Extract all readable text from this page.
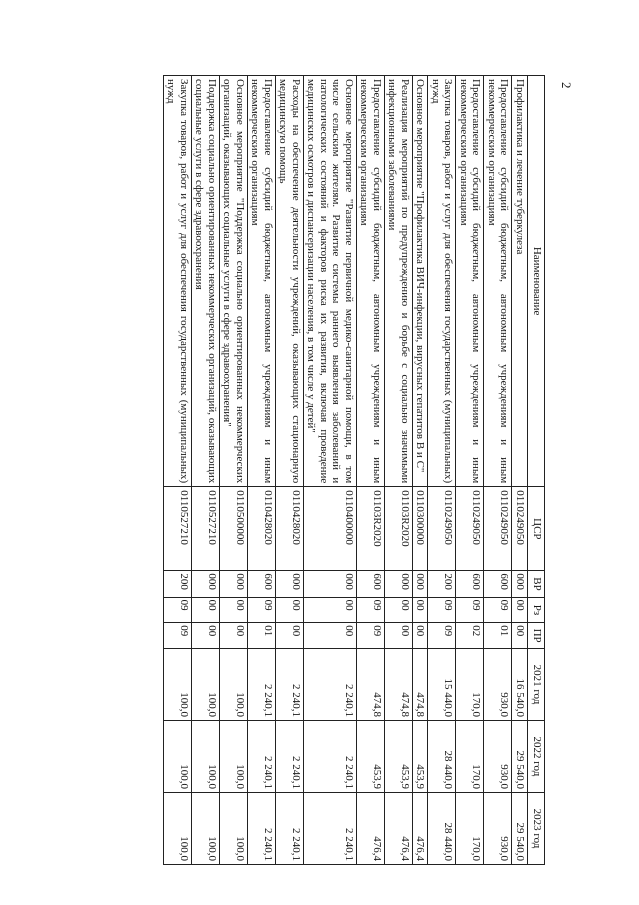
2
Наименование	ЦСР	ВР	Рз	ПР	2021 год	2022 год	2023 год
Профилактика и лечение туберкулеза	0110249050	000	00	00	16 540,0	29 540,0	29 540,0
Предоставление субсидий бюджетным, автономным учреждениям и иным некоммерческим организациям	0110249050	600	09	01	930,0	930,0	930,0
Предоставление субсидий бюджетным, автономным учреждениям и иным некоммерческим организациям	0110249050	600	09	02	170,0	170,0	170,0
Закупка товаров, работ и услуг для обеспечения государственных (муниципальных) нужд	0110249050	200	09	09	15 440,0	28 440,0	28 440,0
Основное мероприятие "Профилактика ВИЧ-инфекции, вирусных гепатитов В и С"	0110300000	000	00	00	474,8	453,9	476,4
Реализация мероприятий по предупреждению и борьбе с социально значимыми инфекционными заболеваниями	01103R2020	000	00	00	474,8	453,9	476,4
Предоставление субсидий бюджетным, автономным учреждениям и иным некоммерческим организациям	01103R2020	600	09	09	474,8	453,9	476,4
Основное мероприятие "Развитие первичной медико-санитарной помощи, в том числе сельским жителям. Развитие системы раннего выявления заболеваний и патологических состояний и факторов риска их развития, включая проведение медицинских осмотров и диспансеризации населения, в том числе у детей"	0110400000	000	00	00	2 240,1	2 240,1	2 240,1
Расходы на обеспечение деятельности учреждений, оказывающих стационарную медицинскую помощь	0110428020	000	00	00	2 240,1	2 240,1	2 240,1
Предоставление субсидий бюджетным, автономным учреждениям и иным некоммерческим организациям	0110428020	600	09	01	2 240,1	2 240,1	2 240,1
Основное мероприятие "Поддержка социально ориентированных некоммерческих организаций, оказывающих социальные услуги в сфере здравоохранения"	0110500000	000	00	00	100,0	100,0	100,0
Поддержка социально ориентированных некоммерческих организаций, оказывающих социальные услуги в сфере здравоохранения	0110527210	000	00	00	100,0	100,0	100,0
Закупка товаров, работ и услуг для обеспечения государственных (муниципальных) нужд	0110527210	200	09	09	100,0	100,0	100,0
